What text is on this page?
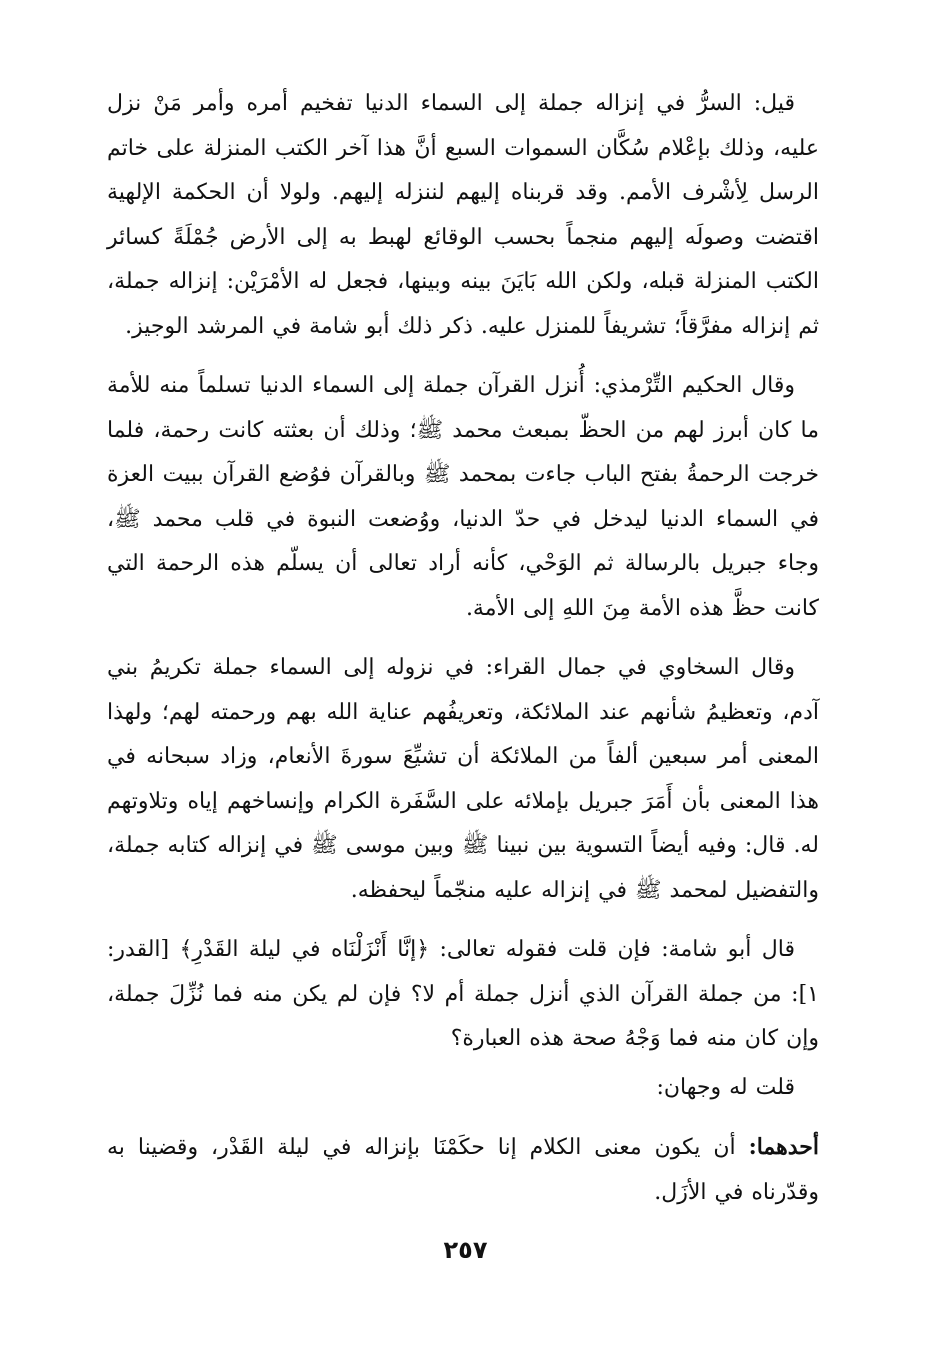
قيل: السرُّ في إنزاله جملة إلى السماء الدنيا تفخيم أمره وأمر مَنْ نزل عليه، وذلك بإعْلام سُكَّان السموات السبع أنَّ هذا آخر الكتب المنزلة على خاتم الرسل لِأشْرف الأمم. وقد قربناه إليهم لننزله إليهم. ولولا أن الحكمة الإلهية اقتضت وصولَه إليهم منجماً بحسب الوقائع لهبط به إلى الأرض جُمْلَةً كسائر الكتب المنزلة قبله، ولكن الله بَايَنَ بينه وبينها، فجعل له الأمْرَيْن: إنزاله جملة، ثم إنزاله مفرَّقاً؛ تشريفاً للمنزل عليه. ذكر ذلك أبو شامة في المرشد الوجيز.

وقال الحكيم التِّرْمذي: أُنزل القرآن جملة إلى السماء الدنيا تسلماً منه للأمة ما كان أبرز لهم من الحظّ بمبعث محمد ﷺ؛ وذلك أن بعثته كانت رحمة، فلما خرجت الرحمةُ بفتح الباب جاءت بمحمد ﷺ وبالقرآن فوُضع القرآن ببيت العزة في السماء الدنيا ليدخل في حدّ الدنيا، ووُضعت النبوة في قلب محمد ﷺ، وجاء جبريل بالرسالة ثم الوَحْي، كأنه أراد تعالى أن يسلّم هذه الرحمة التي كانت حظَّ هذه الأمة مِنَ اللهِ إلى الأمة.

وقال السخاوي في جمال القراء: في نزوله إلى السماء جملة تكريمُ بني آدم، وتعظيمُ شأنهم عند الملائكة، وتعريفُهم عناية الله بهم ورحمته لهم؛ ولهذا المعنى أمر سبعين ألفاً من الملائكة أن تشيِّعَ سورةَ الأنعام، وزاد سبحانه في هذا المعنى بأن أَمَرَ جبريل بإملائه على السَّفَرة الكرام وإنساخهم إياه وتلاوتهم له. قال: وفيه أيضاً التسوية بين نبينا ﷺ وبين موسى ﷺ في إنزاله كتابه جملة، والتفضيل لمحمد ﷺ في إنزاله عليه منجّماً ليحفظه.

قال أبو شامة: فإن قلت فقوله تعالى: ﴿إنَّا أَنْزَلْنَاه في ليلة القَدْرِ﴾ [القدر: ١]: من جملة القرآن الذي أنزل جملة أم لا؟ فإن لم يكن منه فما نُزِّلَ جملة، وإن كان منه فما وَجْهُ صحة هذه العبارة؟

قلت له وجهان:

أحدهما: أن يكون معنى الكلام إنا حكَمْنَا بإنزاله في ليلة القَدْر، وقضينا به وقدّرناه في الأزَل.

٢٥٧
